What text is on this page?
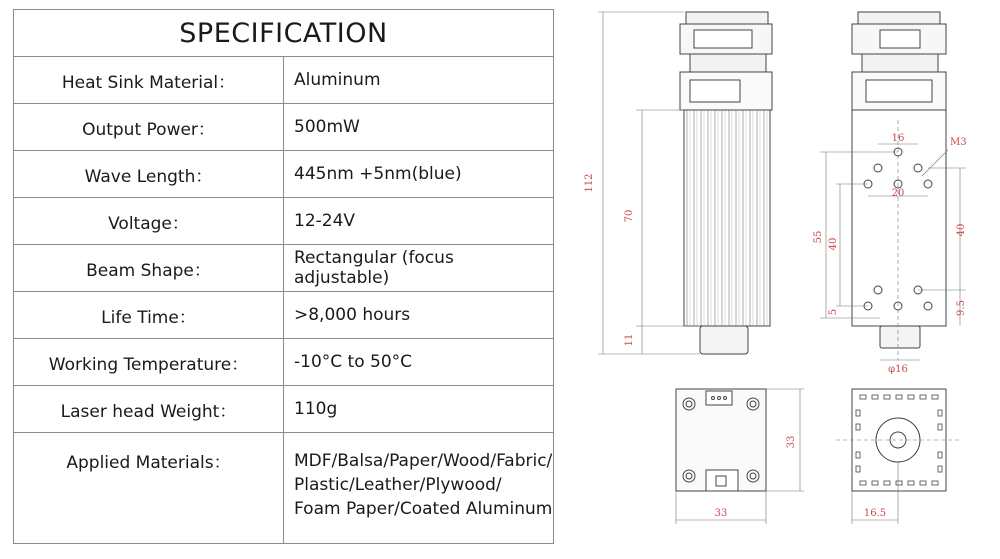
SPECIFICATION	
Heat Sink Material：	Aluminum
Output Power：	500mW
Wave Length：	445nm +5nm(blue)
Voltage：	12-24V
Beam Shape：	Rectangular (focus adjustable)
Life Time：	>8,000 hours
Working Temperature：	-10°C to 50°C
Laser head Weight：	110g
Applied Materials：	MDF/Balsa/Paper/Wood/Fabric/
Plastic/Leather/Plywood/
Foam Paper/Coated Aluminum
112
70
11
16
20
M3
55
40
40
5	9.5
φ16
33
33	16.5
